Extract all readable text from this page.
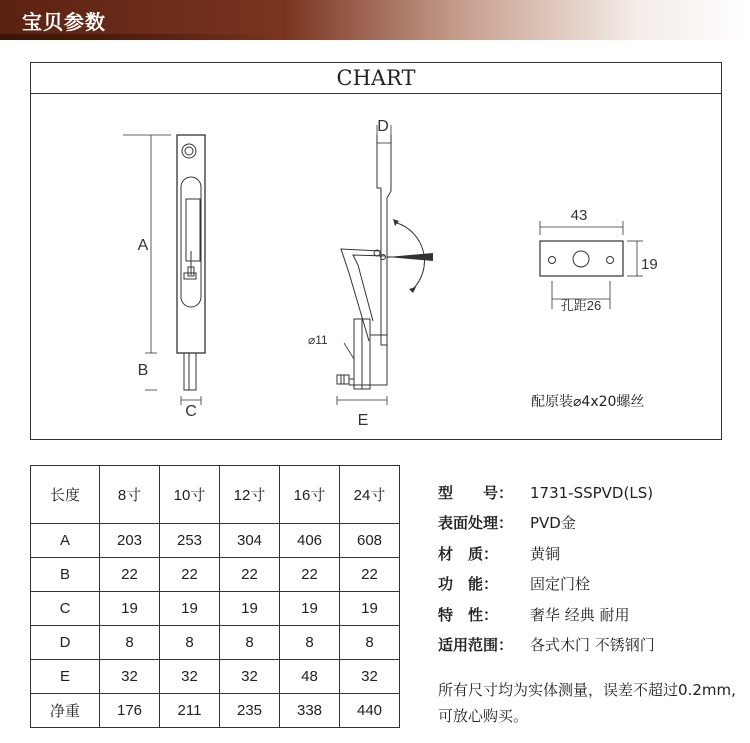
宝贝参数
CHART
A
B
C
D
E
⌀11
43
19
孔距26
配原装⌀4x20螺丝
长度	8寸	10寸	12寸	16寸	24寸
A	203	253	304	406	608
B	22	22	22	22	22
C	19	19	19	19	19
D	8	8	8	8	8
E	32	32	32	48	32
净重	176	211	235	338	440
型　　号： 1731-SSPVD(LS)
表面处理： PVD金
材　质： 黄铜
功　能： 固定门栓
特　性： 奢华 经典 耐用
适用范围： 各式木门 不锈钢门
所有尺寸均为实体测量，误差不超过0.2mm,可放心购买。
